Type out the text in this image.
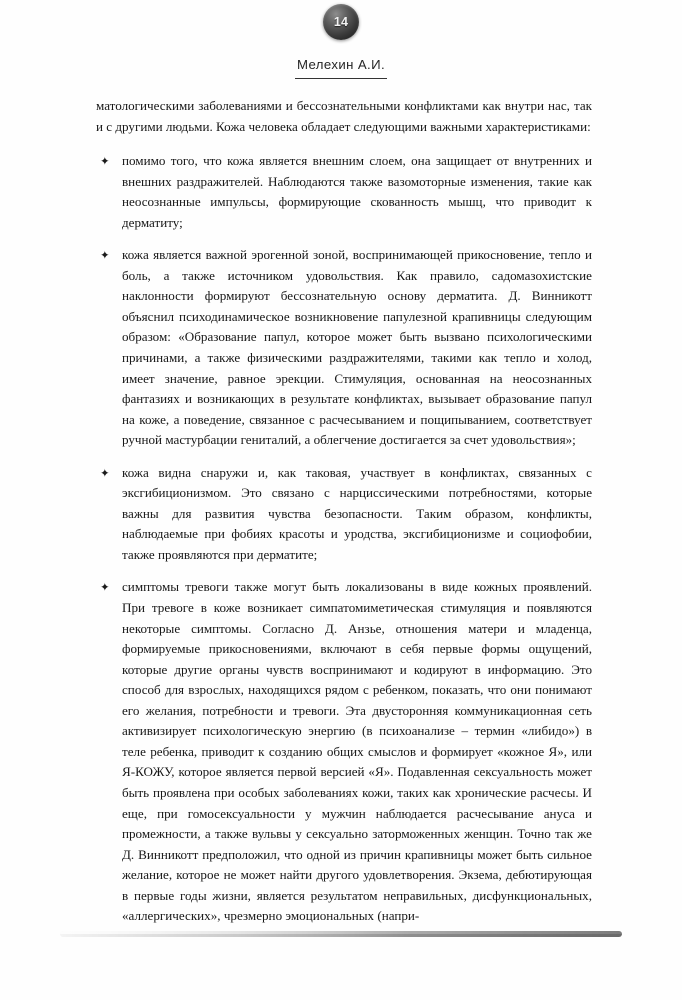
Мелехин А.И.

матологическими заболеваниями и бессознательными конфликтами как внутри нас, так и с другими людьми. Кожа человека обладает следующими важными характеристиками:

✦ помимо того, что кожа является внешним слоем, она защищает от внутренних и внешних раздражителей. Наблюдаются также вазомоторные изменения, такие как неосознанные импульсы, формирующие скованность мышц, что приводит к дерматиту;
✦ кожа является важной эрогенной зоной, воспринимающей прикосновение, тепло и боль, а также источником удовольствия. Как правило, садомазохистские наклонности формируют бессознательную основу дерматита. Д. Винникотт объяснил психодинамическое возникновение папулезной крапивницы следующим образом: «Образование папул, которое может быть вызвано психологическими причинами, а также физическими раздражителями, такими как тепло и холод, имеет значение, равное эрекции. Стимуляция, основанная на неосознанных фантазиях и возникающих в результате конфликтах, вызывает образование папул на коже, а поведение, связанное с расчесыванием и пощипыванием, соответствует ручной мастурбации гениталий, а облегчение достигается за счет удовольствия»;
✦ кожа видна снаружи и, как таковая, участвует в конфликтах, связанных с эксгибиционизмом. Это связано с нарциссическими потребностями, которые важны для развития чувства безопасности. Таким образом, конфликты, наблюдаемые при фобиях красоты и уродства, эксгибиционизме и социофобии, также проявляются при дерматите;
✦ симптомы тревоги также могут быть локализованы в виде кожных проявлений. При тревоге в коже возникает симпатомиметическая стимуляция и появляются некоторые симптомы. Согласно Д. Анзье, отношения матери и младенца, формируемые прикосновениями, включают в себя первые формы ощущений, которые другие органы чувств воспринимают и кодируют в информацию. Это способ для взрослых, находящихся рядом с ребенком, показать, что они понимают его желания, потребности и тревоги. Эта двусторонняя коммуникационная сеть активизирует психологическую энергию (в психоанализе – термин «либидо») в теле ребенка, приводит к созданию общих смыслов и формирует «кожное Я», или Я-КОЖУ, которое является первой версией «Я». Подавленная сексуальность может быть проявлена при особых заболеваниях кожи, таких как хронические расчесы. И еще, при гомосексуальности у мужчин наблюдается расчесывание ануса и промежности, а также вульвы у сексуально заторможенных женщин. Точно так же Д. Винникотт предположил, что одной из причин крапивницы может быть сильное желание, которое не может найти другого удовлетворения. Экзема, дебютирующая в первые годы жизни, является результатом неправильных, дисфункциональных, «аллергических», чрезмерно эмоциональных (напри-
14
